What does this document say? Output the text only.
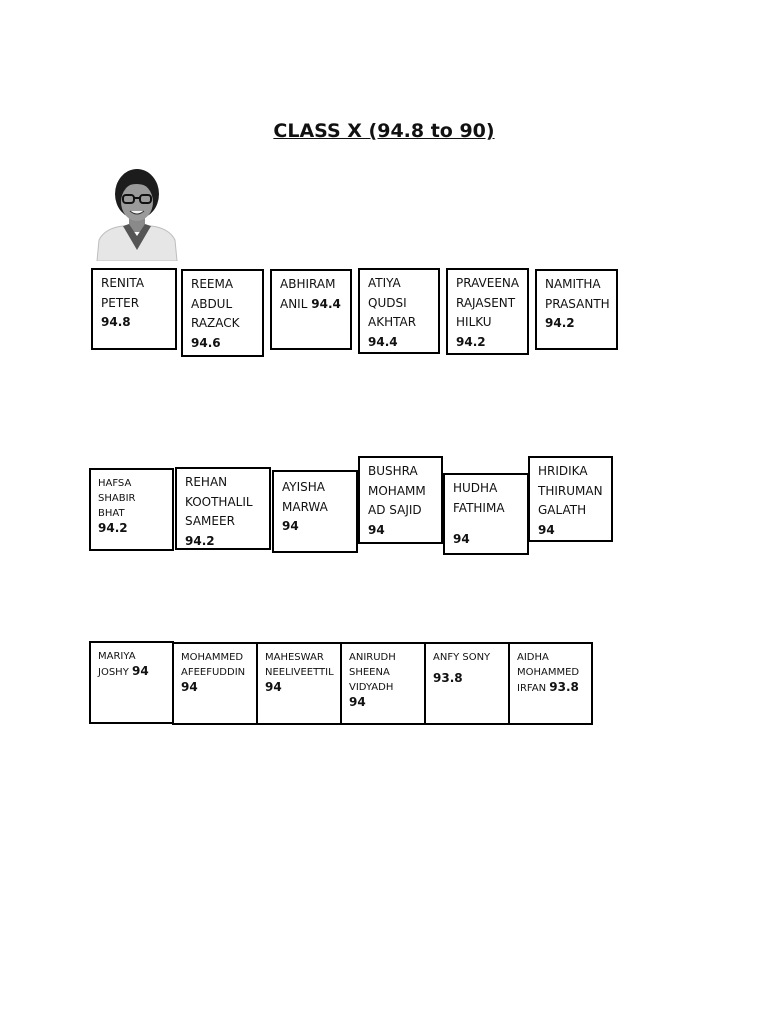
CLASS X (94.8 to 90)
RENITA PETER
94.8
REEMA ABDUL RAZACK
94.6
ABHIRAM ANIL 94.4
ATIYA QUDSI AKHTAR
94.4
PRAVEENA RAJASENT HILKU
94.2
NAMITHA PRASANTH
94.2
HAFSA SHABIR BHAT
94.2
REHAN KOOTHALIL SAMEER 94.2
AYISHA MARWA
94
BUSHRA MOHAMM AD SAJID
94
HUDHA FATHIMA
94
HRIDIKA THIRUMAN GALATH
94
MARIYA JOSHY 94
MOHAMMED AFEEFUDDIN
94
MAHESWAR NEELIVEETTIL
94
ANIRUDH SHEENA VIDYADH
94
ANFY SONY
93.8
AIDHA MOHAMMED IRFAN 93.8
